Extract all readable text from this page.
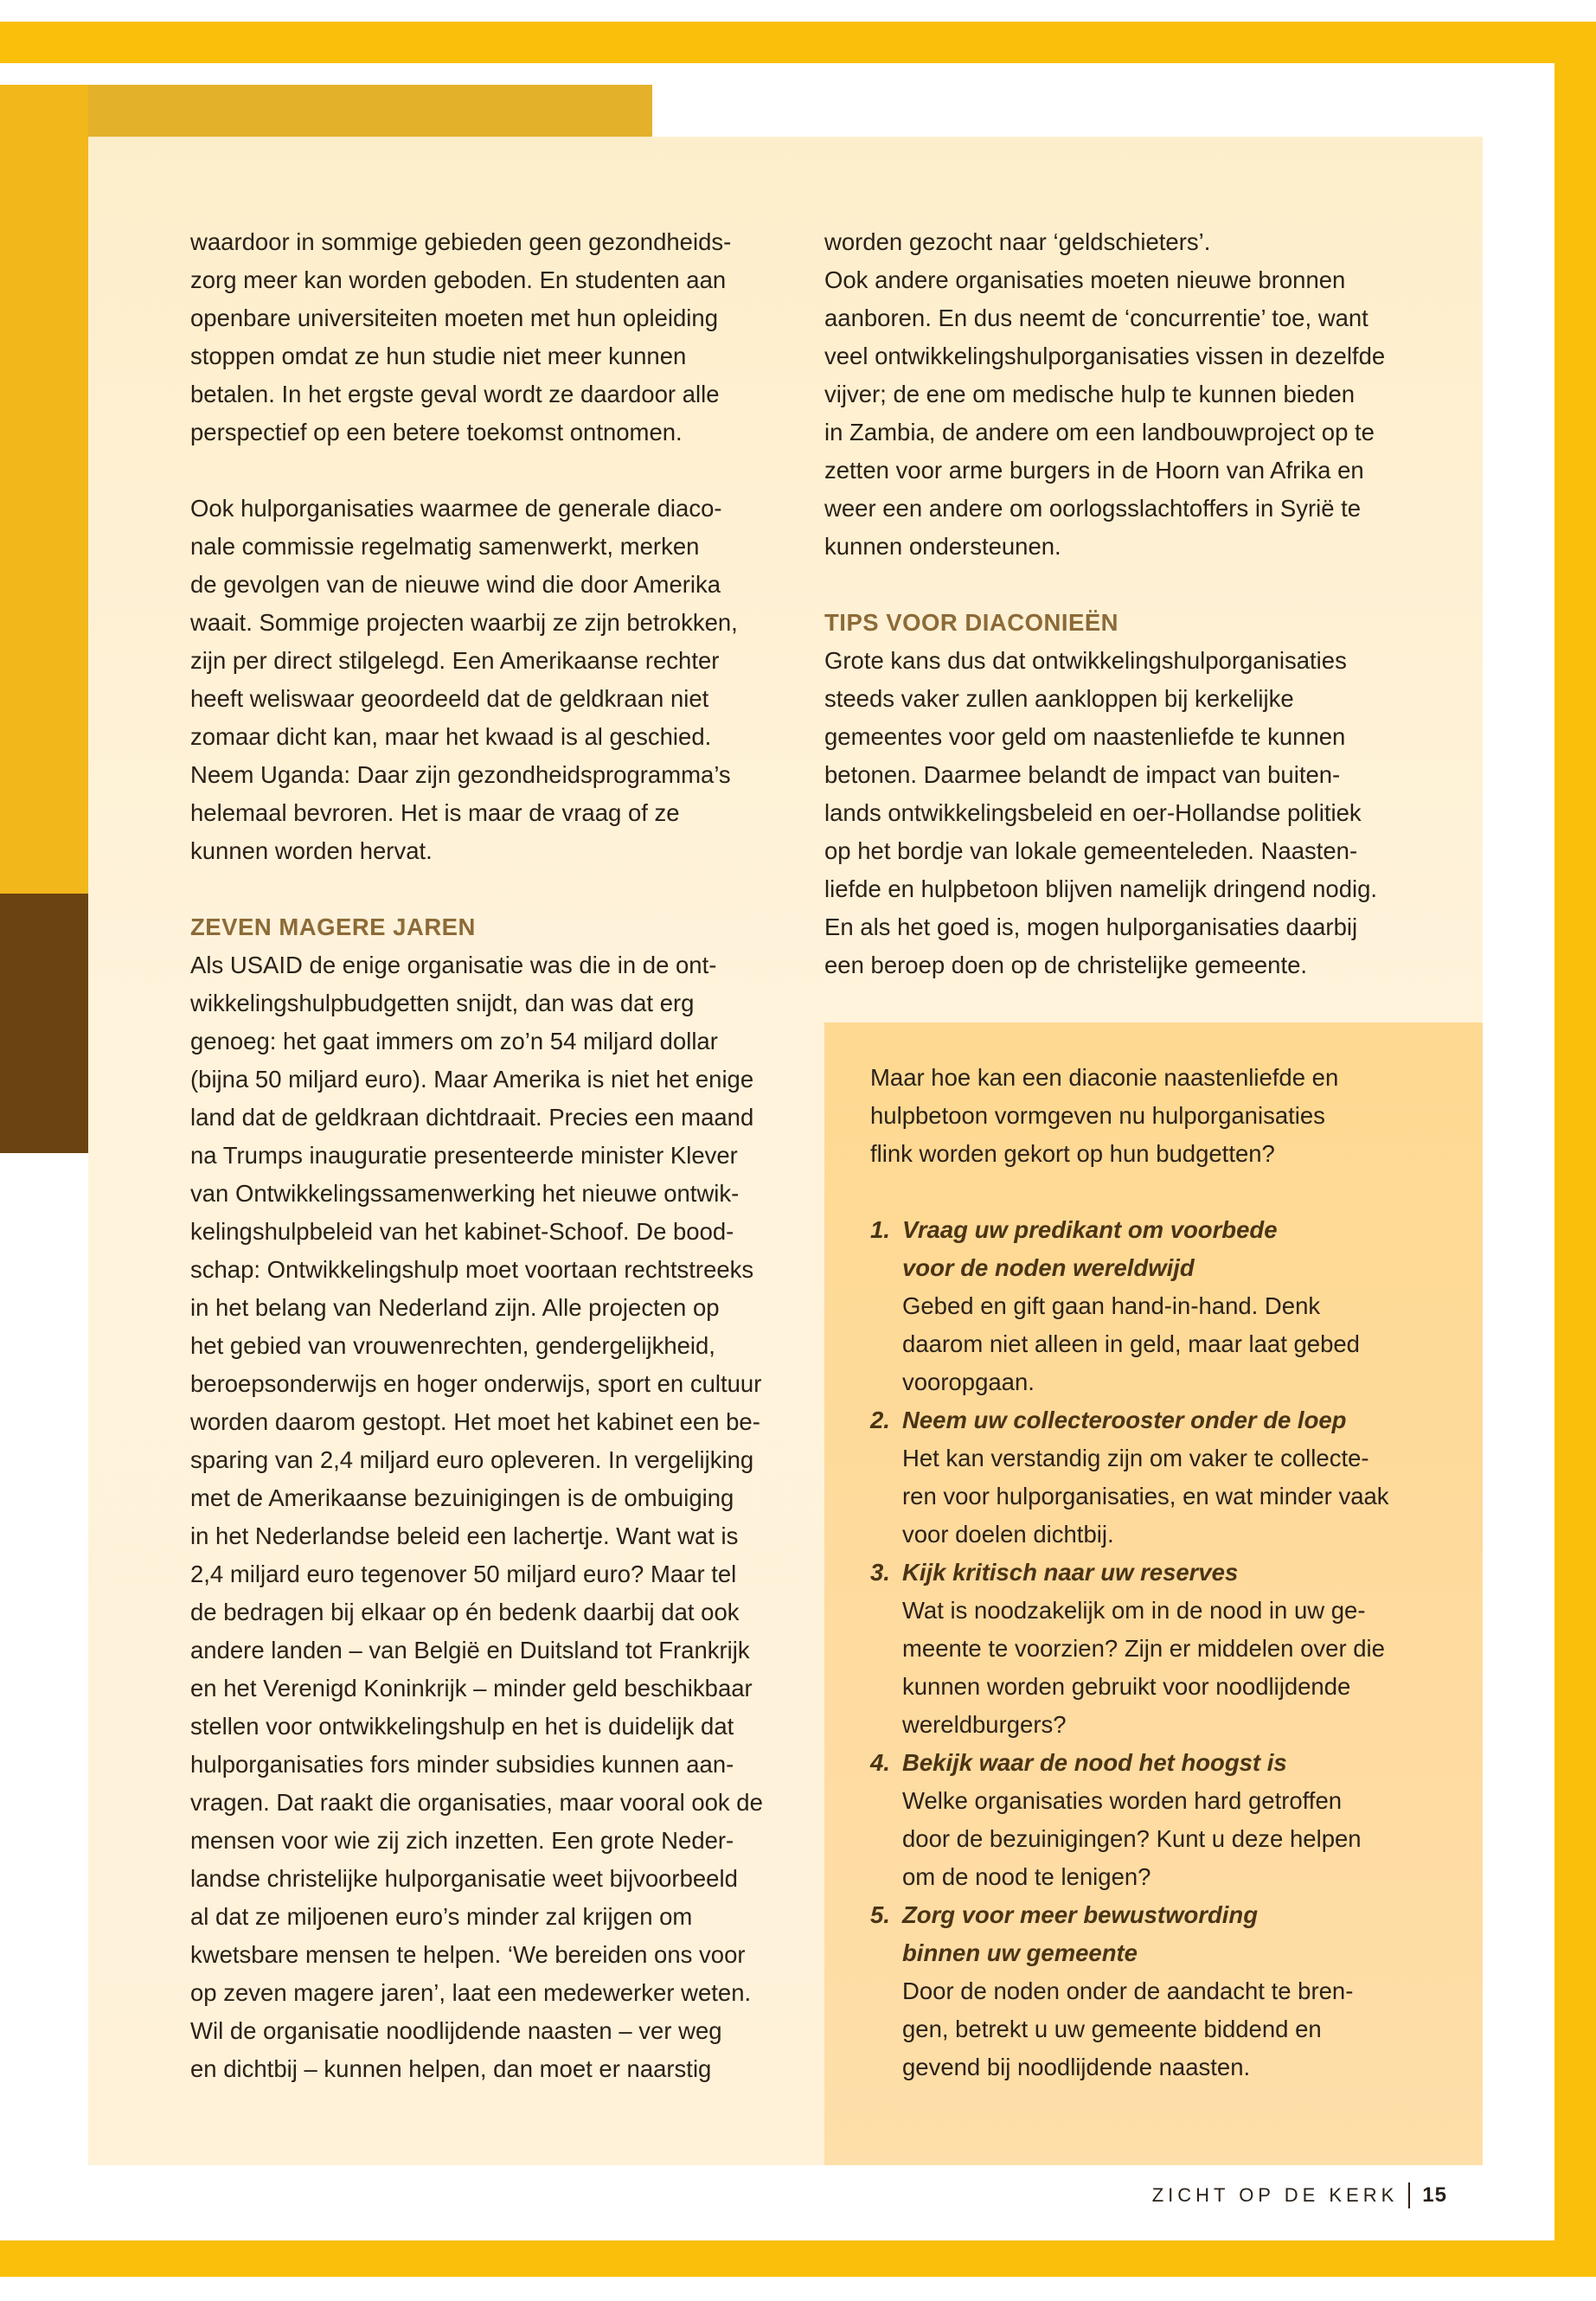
waardoor in sommige gebieden geen gezondheids-
zorg meer kan worden geboden. En studenten aan
openbare universiteiten moeten met hun opleiding
stoppen omdat ze hun studie niet meer kunnen
betalen. In het ergste geval wordt ze daardoor alle
perspectief op een betere toekomst ontnomen.

Ook hulporganisaties waarmee de generale diaco-
nale commissie regelmatig samenwerkt, merken
de gevolgen van de nieuwe wind die door Amerika
waait. Sommige projecten waarbij ze zijn betrokken,
zijn per direct stilgelegd. Een Amerikaanse rechter
heeft weliswaar geoordeeld dat de geldkraan niet
zomaar dicht kan, maar het kwaad is al geschied.
Neem Uganda: Daar zijn gezondheidsprogramma’s
helemaal bevroren. Het is maar de vraag of ze
kunnen worden hervat.

ZEVEN MAGERE JAREN

Als USAID de enige organisatie was die in de ont-
wikkelingshulpbudgetten snijdt, dan was dat erg
genoeg: het gaat immers om zo’n 54 miljard dollar
(bijna 50 miljard euro). Maar Amerika is niet het enige
land dat de geldkraan dichtdraait. Precies een maand
na Trumps inauguratie presenteerde minister Klever
van Ontwikkelingssamenwerking het nieuwe ontwik-
kelingshulpbeleid van het kabinet-Schoof. De bood-
schap: Ontwikkelingshulp moet voortaan rechtstreeks
in het belang van Nederland zijn. Alle projecten op
het gebied van vrouwenrechten, gendergelijkheid,
beroepsonderwijs en hoger onderwijs, sport en cultuur
worden daarom gestopt. Het moet het kabinet een be-
sparing van 2,4 miljard euro opleveren. In vergelijking
met de Amerikaanse bezuinigingen is de ombuiging
in het Nederlandse beleid een lachertje. Want wat is
2,4 miljard euro tegenover 50 miljard euro? Maar tel
de bedragen bij elkaar op én bedenk daarbij dat ook
andere landen – van België en Duitsland tot Frankrijk
en het Verenigd Koninkrijk – minder geld beschikbaar
stellen voor ontwikkelingshulp en het is duidelijk dat
hulporganisaties fors minder subsidies kunnen aan-
vragen. Dat raakt die organisaties, maar vooral ook de
mensen voor wie zij zich inzetten. Een grote Neder-
landse christelijke hulporganisatie weet bijvoorbeeld
al dat ze miljoenen euro’s minder zal krijgen om
kwetsbare mensen te helpen. ‘We bereiden ons voor
op zeven magere jaren’, laat een medewerker weten.
Wil de organisatie noodlijdende naasten – ver weg
en dichtbij – kunnen helpen, dan moet er naarstig

worden gezocht naar ‘geldschieters’.
Ook andere organisaties moeten nieuwe bronnen
aanboren. En dus neemt de ‘concurrentie’ toe, want
veel ontwikkelingshulporganisaties vissen in dezelfde
vijver; de ene om medische hulp te kunnen bieden
in Zambia, de andere om een landbouwproject op te
zetten voor arme burgers in de Hoorn van Afrika en
weer een andere om oorlogsslachtoffers in Syrië te
kunnen ondersteunen.

TIPS VOOR DIACONIEËN

Grote kans dus dat ontwikkelingshulporganisaties
steeds vaker zullen aankloppen bij kerkelijke
gemeentes voor geld om naastenliefde te kunnen
betonen. Daarmee belandt de impact van buiten-
lands ontwikkelingsbeleid en oer-Hollandse politiek
op het bordje van lokale gemeenteleden. Naasten-
liefde en hulpbetoon blijven namelijk dringend nodig.
En als het goed is, mogen hulporganisaties daarbij
een beroep doen op de christelijke gemeente.

Maar hoe kan een diaconie naastenliefde en
hulpbetoon vormgeven nu hulporganisaties
flink worden gekort op hun budgetten?

1. Vraag uw predikant om voorbede
voor de noden wereldwijd
Gebed en gift gaan hand-in-hand. Denk
daarom niet alleen in geld, maar laat gebed
vooropgaan.
2. Neem uw collecterooster onder de loep
Het kan verstandig zijn om vaker te collecte-
ren voor hulporganisaties, en wat minder vaak
voor doelen dichtbij.
3. Kijk kritisch naar uw reserves
Wat is noodzakelijk om in de nood in uw ge-
meente te voorzien? Zijn er middelen over die
kunnen worden gebruikt voor noodlijdende
wereldburgers?
4. Bekijk waar de nood het hoogst is
Welke organisaties worden hard getroffen
door de bezuinigingen? Kunt u deze helpen
om de nood te lenigen?
5. Zorg voor meer bewustwording
binnen uw gemeente
Door de noden onder de aandacht te bren-
gen, betrekt u uw gemeente biddend en
gevend bij noodlijdende naasten.
ZICHT OP DE KERK 15
